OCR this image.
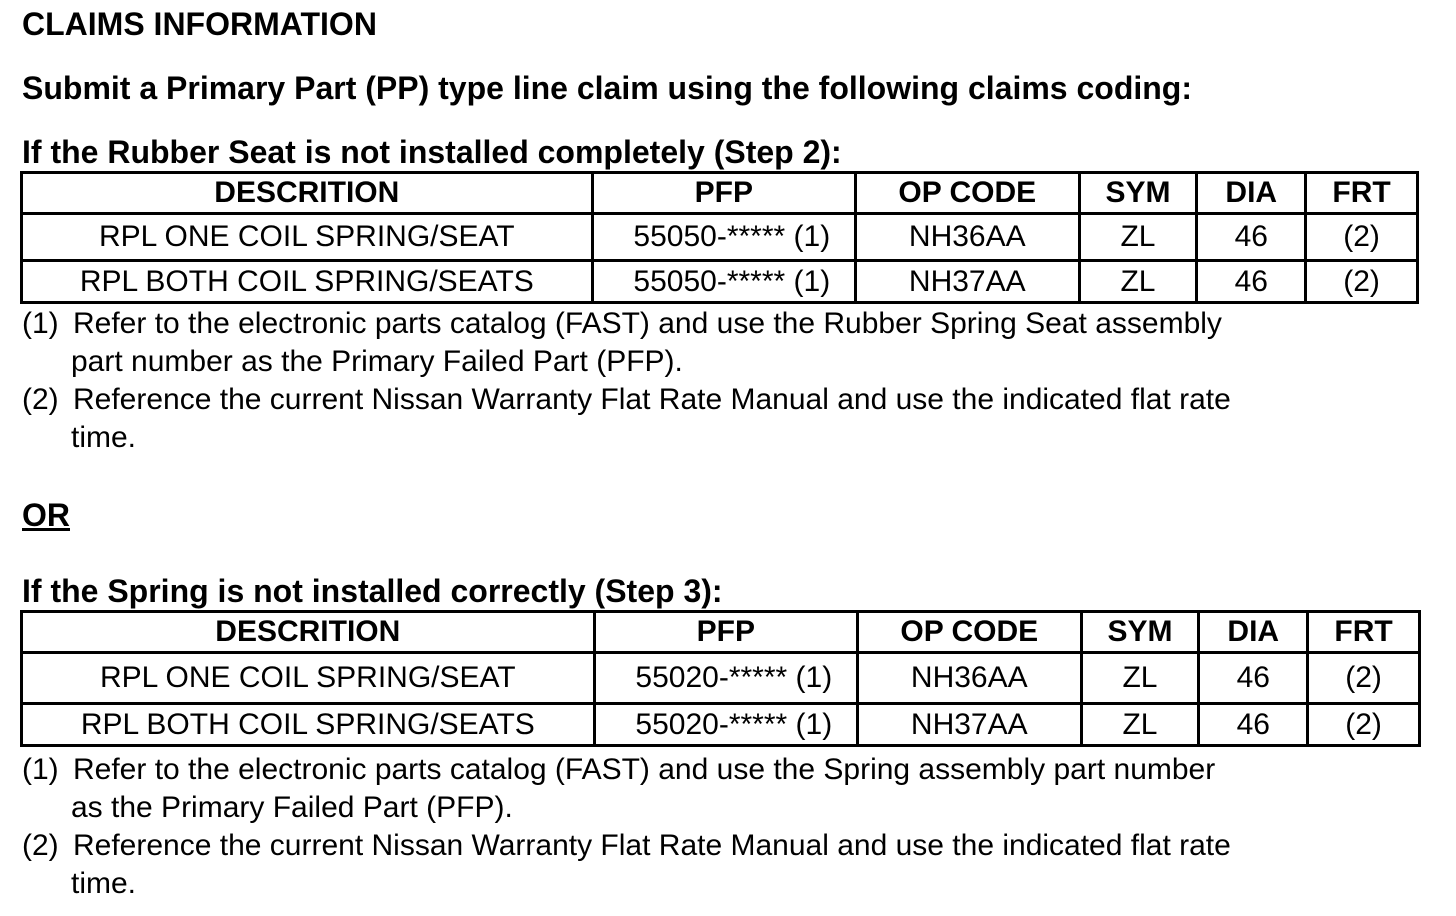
CLAIMS INFORMATION
Submit a Primary Part (PP) type line claim using the following claims coding:
If the Rubber Seat is not installed completely (Step 2):
DESCRITION	PFP	OP CODE	SYM	DIA	FRT
RPL ONE COIL SPRING/SEAT	55050-***** (1)	NH36AA	ZL	46	(2)
RPL BOTH COIL SPRING/SEATS	55050-***** (1)	NH37AA	ZL	46	(2)
(1) Refer to the electronic parts catalog (FAST) and use the Rubber Spring Seat assembly
part number as the Primary Failed Part (PFP).
(2) Reference the current Nissan Warranty Flat Rate Manual and use the indicated flat rate
time.
OR
If the Spring is not installed correctly (Step 3):
DESCRITION	PFP	OP CODE	SYM	DIA	FRT
RPL ONE COIL SPRING/SEAT	55020-***** (1)	NH36AA	ZL	46	(2)
RPL BOTH COIL SPRING/SEATS	55020-***** (1)	NH37AA	ZL	46	(2)
(1) Refer to the electronic parts catalog (FAST) and use the Spring assembly part number
as the Primary Failed Part (PFP).
(2) Reference the current Nissan Warranty Flat Rate Manual and use the indicated flat rate
time.
